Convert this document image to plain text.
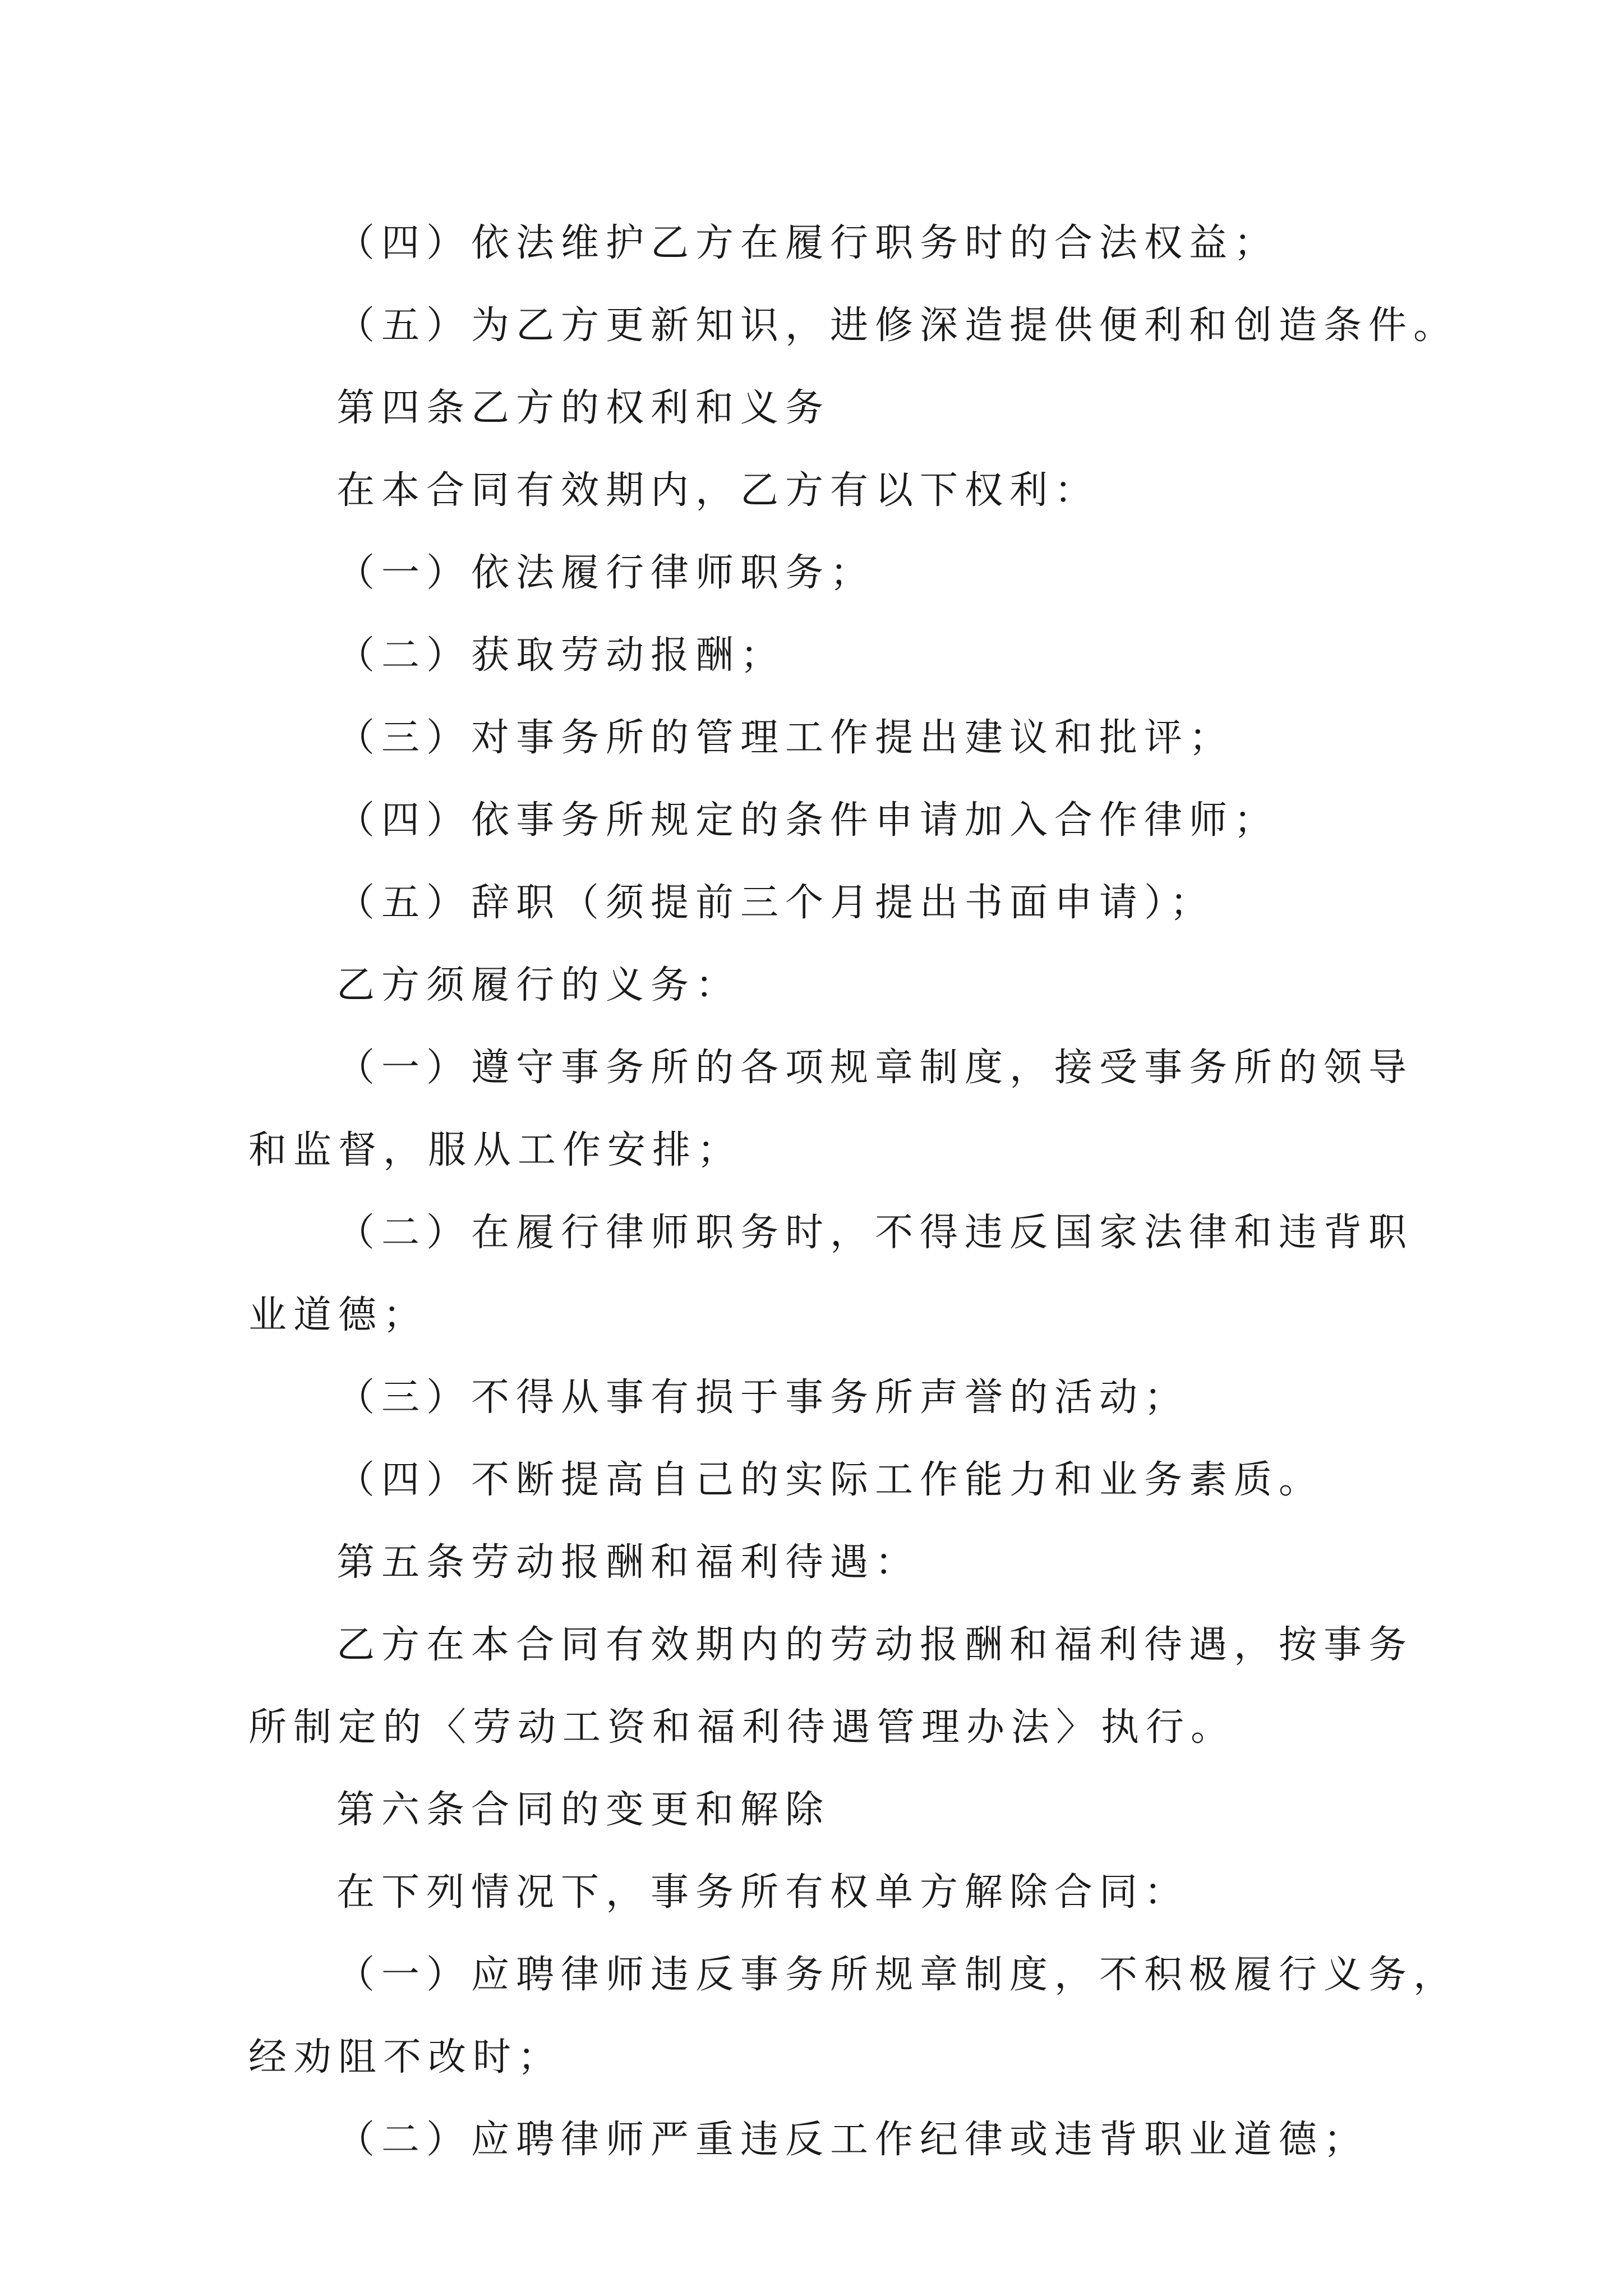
（四）依法维护乙方在履行职务时的合法权益；
（五）为乙方更新知识，进修深造提供便利和创造条件。
第四条乙方的权利和义务
在本合同有效期内，乙方有以下权利：
（一）依法履行律师职务；
（二）获取劳动报酬；
（三）对事务所的管理工作提出建议和批评；
（四）依事务所规定的条件申请加入合作律师；
（五）辞职（须提前三个月提出书面申请）；
乙方须履行的义务：
（一）遵守事务所的各项规章制度，接受事务所的领导
和监督，服从工作安排；
（二）在履行律师职务时，不得违反国家法律和违背职
业道德；
（三）不得从事有损于事务所声誉的活动；
（四）不断提高自己的实际工作能力和业务素质。
第五条劳动报酬和福利待遇：
乙方在本合同有效期内的劳动报酬和福利待遇，按事务
所制定的〈劳动工资和福利待遇管理办法〉执行。
第六条合同的变更和解除
在下列情况下，事务所有权单方解除合同：
（一）应聘律师违反事务所规章制度，不积极履行义务，
经劝阻不改时；
（二）应聘律师严重违反工作纪律或违背职业道德；
